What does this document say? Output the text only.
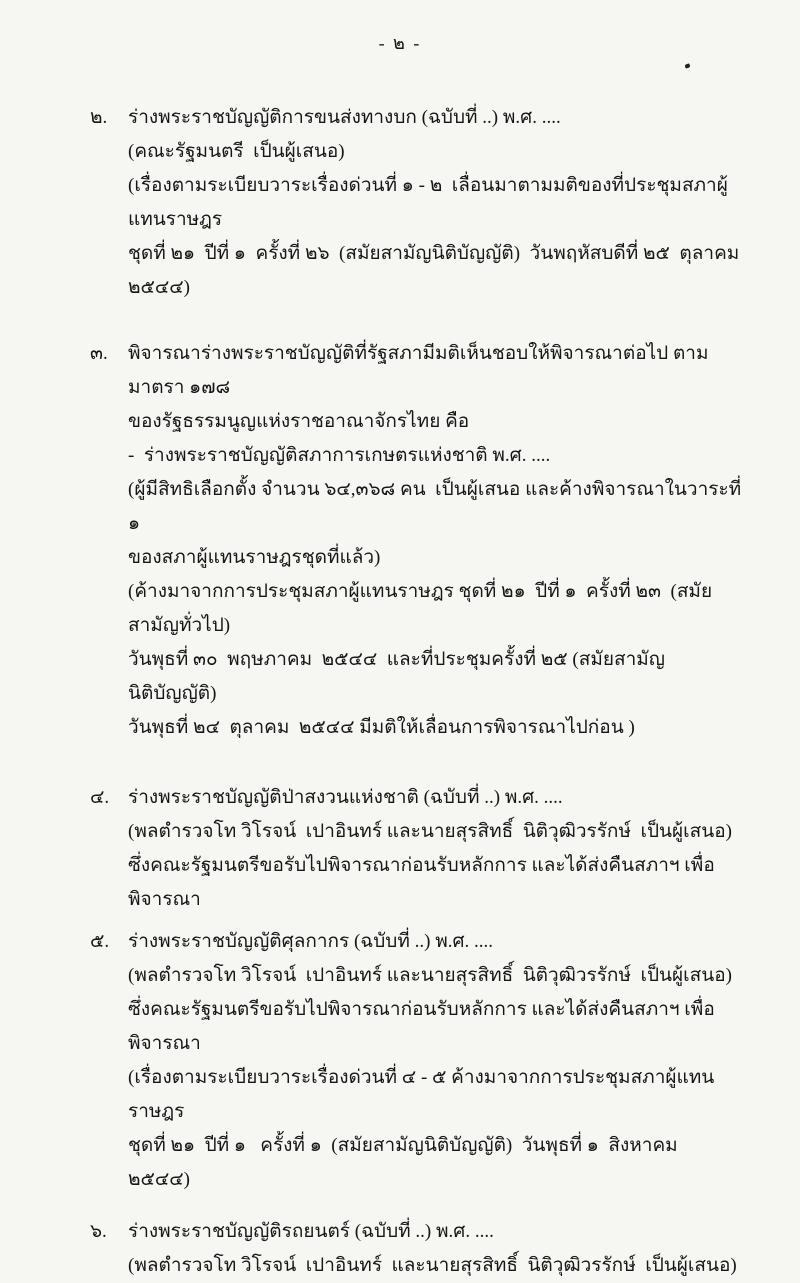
- ๒ -
๒. ร่างพระราชบัญญัติการขนส่งทางบก (ฉบับที่ ..) พ.ศ. ....
(คณะรัฐมนตรี  เป็นผู้เสนอ)
(เรื่องตามระเบียบวาระเรื่องด่วนที่ ๑ - ๒  เลื่อนมาตามมติของที่ประชุมสภาผู้แทนราษฎร
ชุดที่ ๒๑  ปีที่ ๑  ครั้งที่ ๒๖  (สมัยสามัญนิติบัญญัติ)  วันพฤหัสบดีที่ ๒๕  ตุลาคม  ๒๕๔๔)
๓. พิจารณาร่างพระราชบัญญัติที่รัฐสภามีมติเห็นชอบให้พิจารณาต่อไป ตามมาตรา ๑๗๘
ของรัฐธรรมนูญแห่งราชอาณาจักรไทย คือ
-  ร่างพระราชบัญญัติสภาการเกษตรแห่งชาติ พ.ศ. ....
(ผู้มีสิทธิเลือกตั้ง จำนวน ๖๔,๓๖๘ คน  เป็นผู้เสนอ และค้างพิจารณาในวาระที่ ๑
ของสภาผู้แทนราษฎรชุดที่แล้ว)
(ค้างมาจากการประชุมสภาผู้แทนราษฎร ชุดที่ ๒๑  ปีที่ ๑  ครั้งที่ ๒๓  (สมัยสามัญทั่วไป)
วันพุธที่ ๓๐  พฤษภาคม  ๒๕๔๔  และที่ประชุมครั้งที่ ๒๕ (สมัยสามัญนิติบัญญัติ)
วันพุธที่ ๒๔  ตุลาคม  ๒๕๔๔ มีมติให้เลื่อนการพิจารณาไปก่อน )
๔. ร่างพระราชบัญญัติป่าสงวนแห่งชาติ (ฉบับที่ ..) พ.ศ. ....
(พลตำรวจโท วิโรจน์  เปาอินทร์ และนายสุรสิทธิ์  นิติวุฒิวรรักษ์  เป็นผู้เสนอ)
ซึ่งคณะรัฐมนตรีขอรับไปพิจารณาก่อนรับหลักการ และได้ส่งคืนสภาฯ เพื่อพิจารณา
๕. ร่างพระราชบัญญัติศุลกากร (ฉบับที่ ..) พ.ศ. ....
(พลตำรวจโท วิโรจน์  เปาอินทร์ และนายสุรสิทธิ์  นิติวุฒิวรรักษ์  เป็นผู้เสนอ)
ซึ่งคณะรัฐมนตรีขอรับไปพิจารณาก่อนรับหลักการ และได้ส่งคืนสภาฯ เพื่อพิจารณา
(เรื่องตามระเบียบวาระเรื่องด่วนที่ ๔ - ๕ ค้างมาจากการประชุมสภาผู้แทนราษฎร
ชุดที่ ๒๑  ปีที่ ๑   ครั้งที่ ๑  (สมัยสามัญนิติบัญญัติ)  วันพุธที่ ๑  สิงหาคม ๒๕๔๔)
๖. ร่างพระราชบัญญัติรถยนตร์ (ฉบับที่ ..) พ.ศ. ....
(พลตำรวจโท วิโรจน์  เปาอินทร์  และนายสุรสิทธิ์  นิติวุฒิวรรักษ์  เป็นผู้เสนอ)
